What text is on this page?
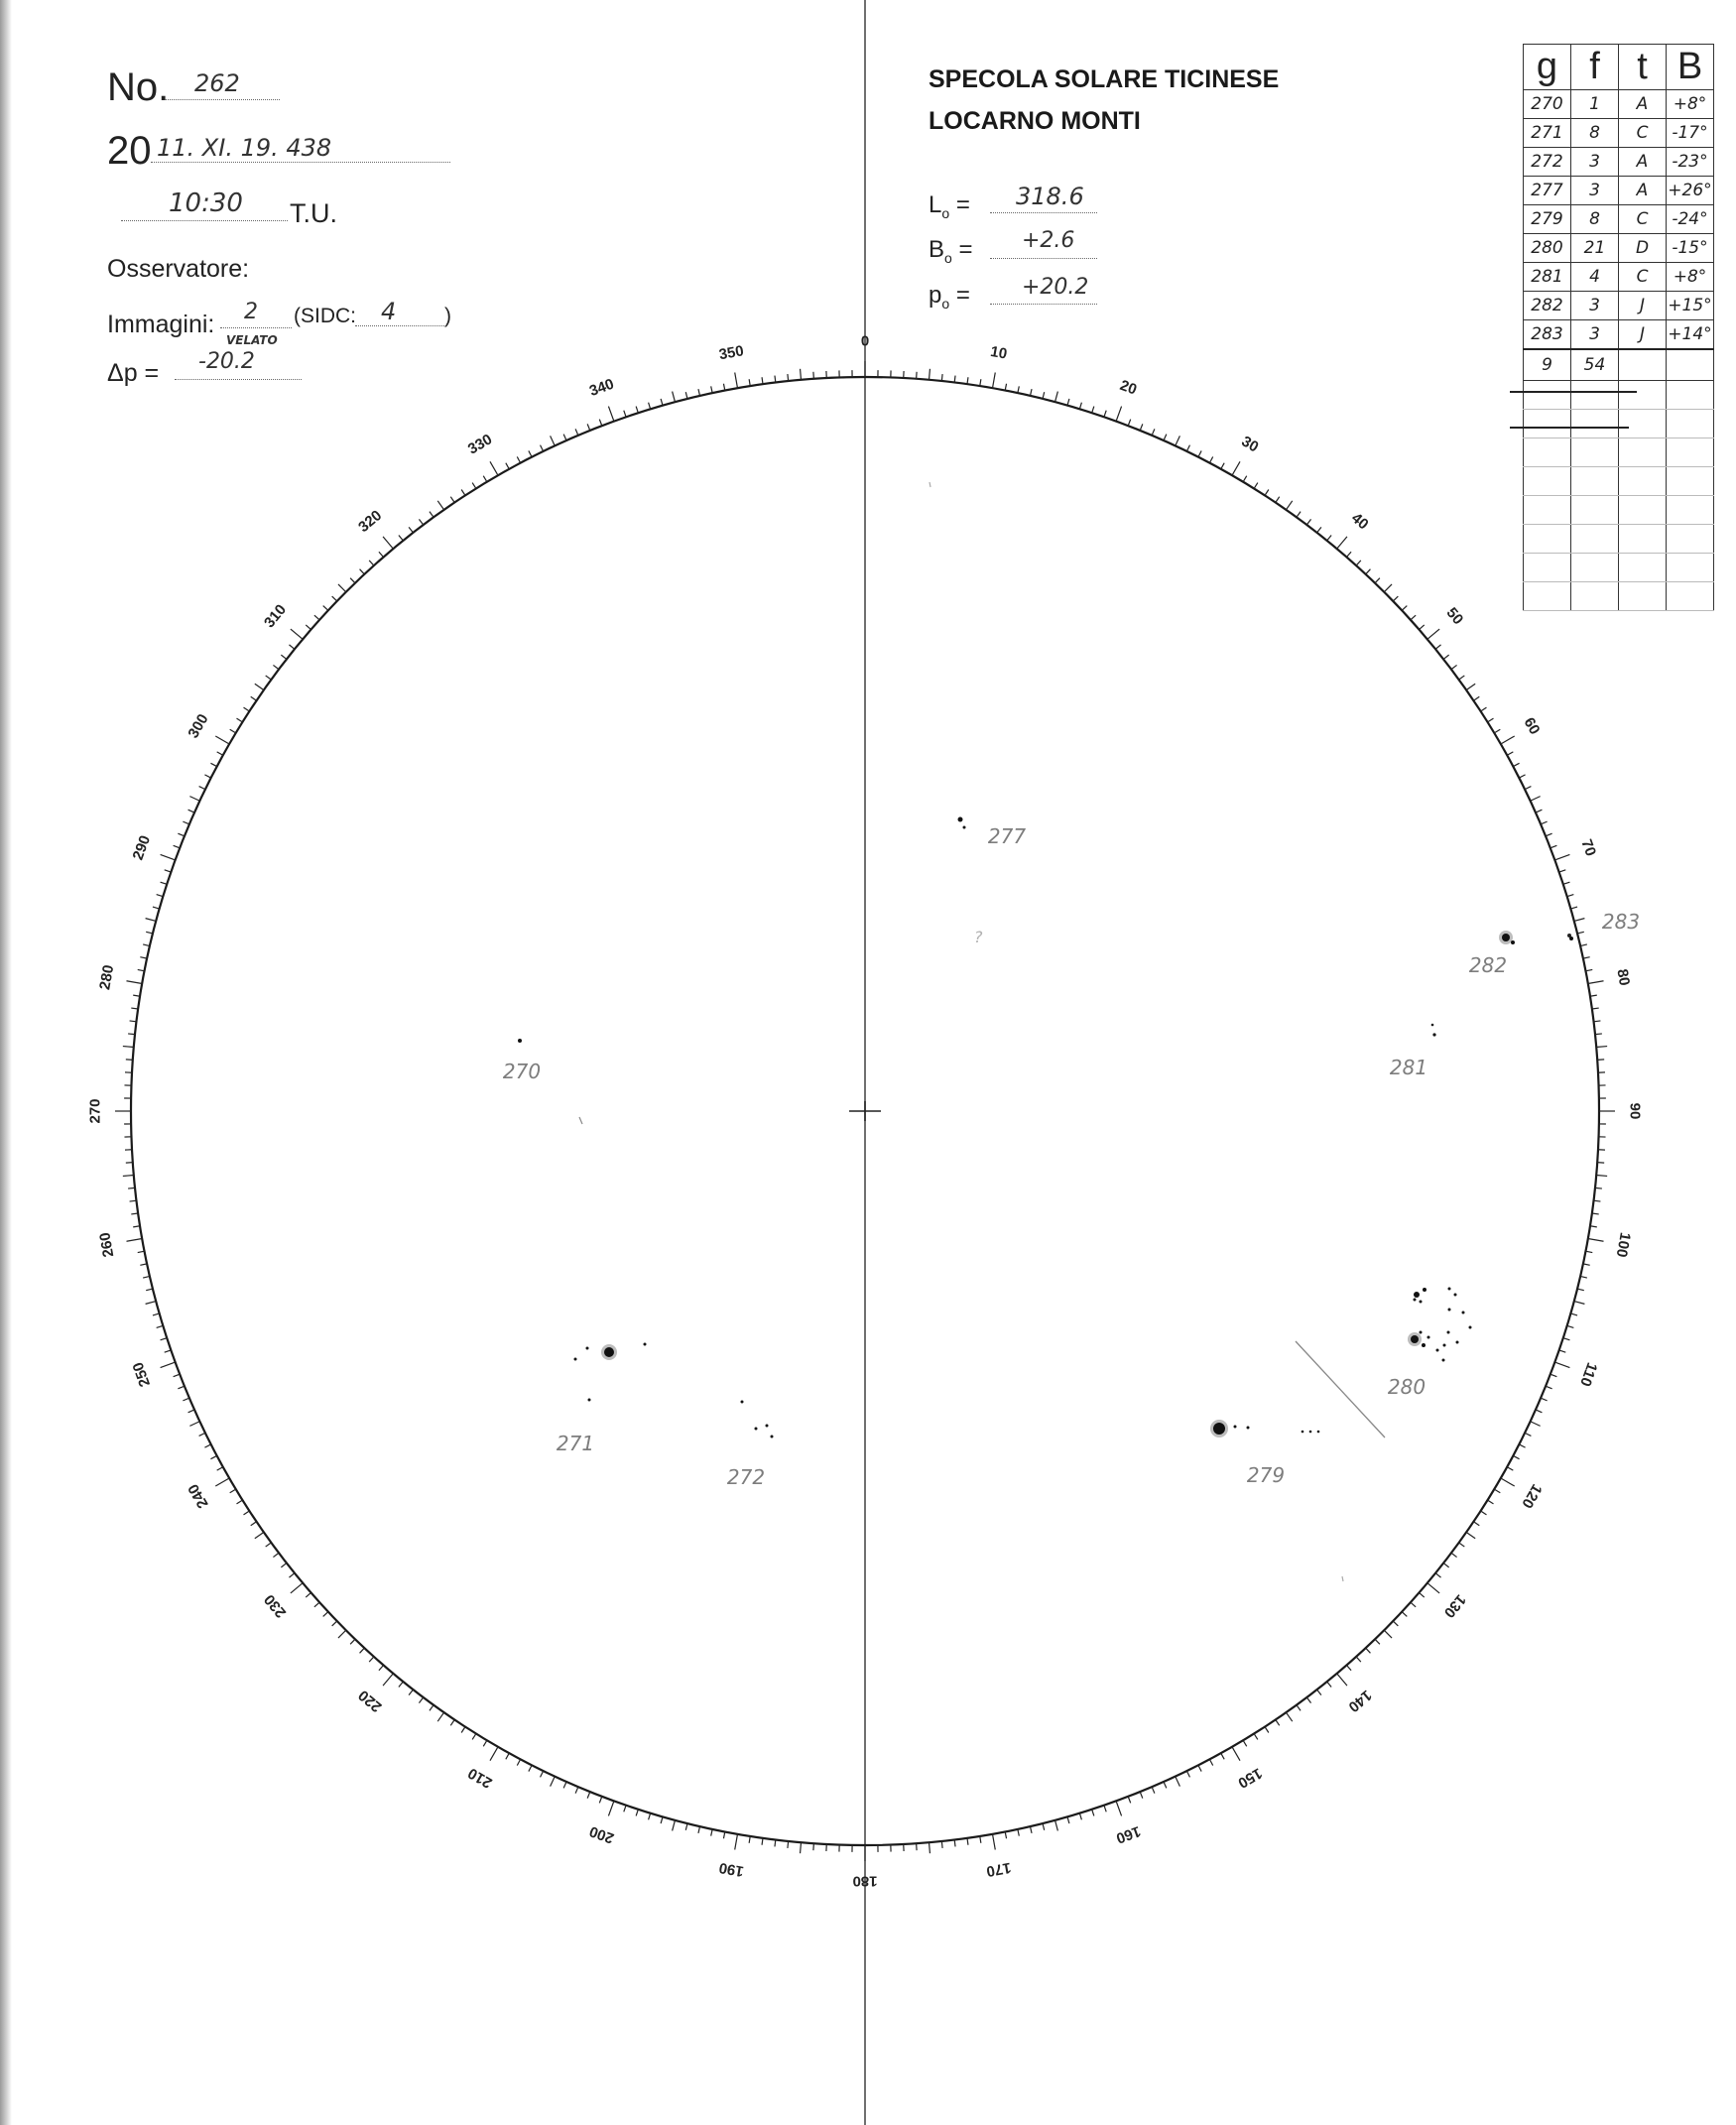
No. 262
20 11. XI. 19. 438
10:30 T.U.
Osservatore:
Immagini: 2
VELATO
(SIDC: 4 )
Δp = -20.2
SPECOLA SOLARE TICINESE
LOCARNO MONTI
$L_o = 318.6$
$B_o = +2.6$
$p_o = +20.2$
g	f	t	B
270	1	A	+8°
271	8	C	-17°
272	3	A	-23°
277	3	A	+26°
279	8	C	-24°
280	21	D	-15°
281	4	C	+8°
282	3	J	+15°
283	3	J	+14°
9	54		

0
10
20
30
40
50
60
70
80
90
100
110
120
130
140
150
160
170
180
190
200
210
220
230
240
250
260
270
280
290
300
310
320
330
340
350
270
271
272
277
279
280
281
282
283
?
